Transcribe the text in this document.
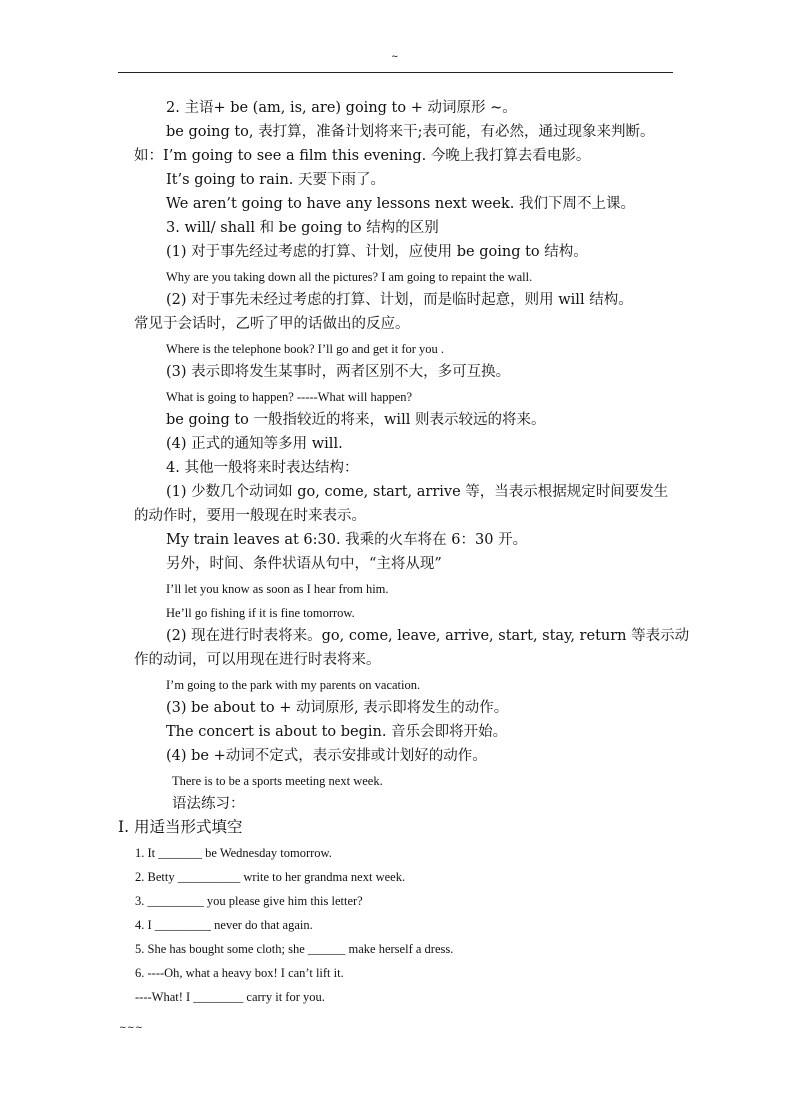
~
2. 主语+ be (am, is, are) going to + 动词原形 ~。
be going to, 表打算，准备计划将来干;表可能，有必然，通过现象来判断。
如：I’m going to see a film this evening. 今晚上我打算去看电影。
It’s going to rain. 天要下雨了。
We aren’t going to have any lessons next week. 我们下周不上课。
3. will/ shall 和 be going to 结构的区别
(1) 对于事先经过考虑的打算、计划，应使用 be going to 结构。
Why are you taking down all the pictures? I am going to repaint the wall.
(2) 对于事先未经过考虑的打算、计划，而是临时起意，则用 will 结构。
常见于会话时，乙听了甲的话做出的反应。
Where is the telephone book? I’ll go and get it for you .
(3) 表示即将发生某事时，两者区别不大，多可互换。
What is going to happen? -----What will happen?
be going to 一般指较近的将来，will 则表示较远的将来。
(4) 正式的通知等多用 will.
4. 其他一般将来时表达结构：
(1) 少数几个动词如 go, come, start, arrive 等，当表示根据规定时间要发生
的动作时，要用一般现在时来表示。
My train leaves at 6:30. 我乘的火车将在 6：30 开。
另外，时间、条件状语从句中，“主将从现”
I’ll let you know as soon as I hear from him.
He’ll go fishing if it is fine tomorrow.
(2) 现在进行时表将来。go, come, leave, arrive, start, stay, return 等表示动
作的动词，可以用现在进行时表将来。
I’m going to the park with my parents on vacation.
(3) be about to + 动词原形, 表示即将发生的动作。
The concert is about to begin. 音乐会即将开始。
(4) be +动词不定式，表示安排或计划好的动作。
There is to be a sports meeting next week.
语法练习：
I. 用适当形式填空
1. It _______ be Wednesday tomorrow.
2. Betty __________ write to her grandma next week.
3. _________ you please give him this letter?
4. I _________ never do that again.
5. She has bought some cloth; she ______ make herself a dress.
6. ----Oh, what a heavy box! I can’t lift it.
----What! I ________ carry it for you.
~~~
